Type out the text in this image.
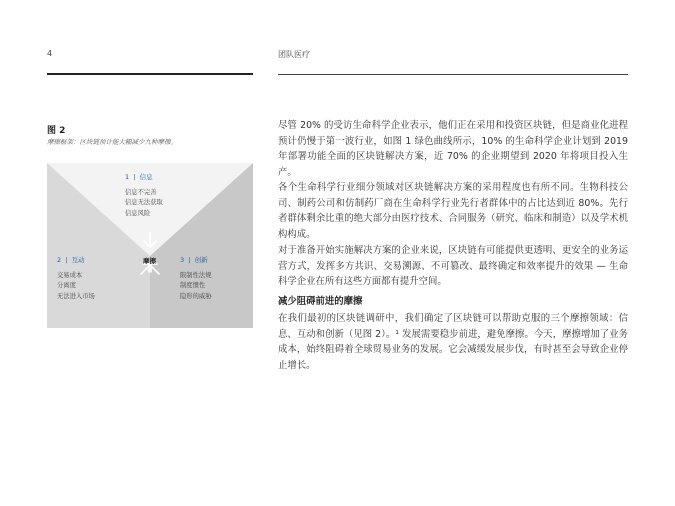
4	团队医疗
图 2
摩擦框架：区块链预计能大幅减少九种摩擦。
摩擦
1  |  信息
信息不完善
信息无法获取
信息风险
2  |  互动
交易成本
分离度
无法进入市场
3  |  创新
限制性法规
制度惯性
隐形的威胁

尽管 20% 的受访生命科学企业表示，他们正在采用和投资区块链，但是商业化进程预计仍慢于第一波行业，如图 1 绿色曲线所示，10% 的生命科学企业计划到 2019 年部署功能全面的区块链解决方案，近 70% 的企业期望到 2020 年将项目投入生产。

各个生命科学行业细分领域对区块链解决方案的采用程度也有所不同。生物科技公司、制药公司和仿制药厂商在生命科学行业先行者群体中的占比达到近 80%。先行者群体剩余比重的绝大部分由医疗技术、合同服务（研究、临床和制造）以及学术机构构成。

对于准备开始实施解决方案的企业来说，区块链有可能提供更透明、更安全的业务运营方式，发挥多方共识、交易溯源、不可篡改、最终确定和效率提升的效果 — 生命科学企业在所有这些方面都有提升空间。

减少阻碍前进的摩擦

在我们最初的区块链调研中，我们确定了区块链可以帮助克服的三个摩擦领域：信息、互动和创新（见图 2）。¹ 发展需要稳步前进，避免摩擦。今天，摩擦增加了业务成本，始终阻碍着全球贸易业务的发展。它会减缓发展步伐，有时甚至会导致企业停止增长。
